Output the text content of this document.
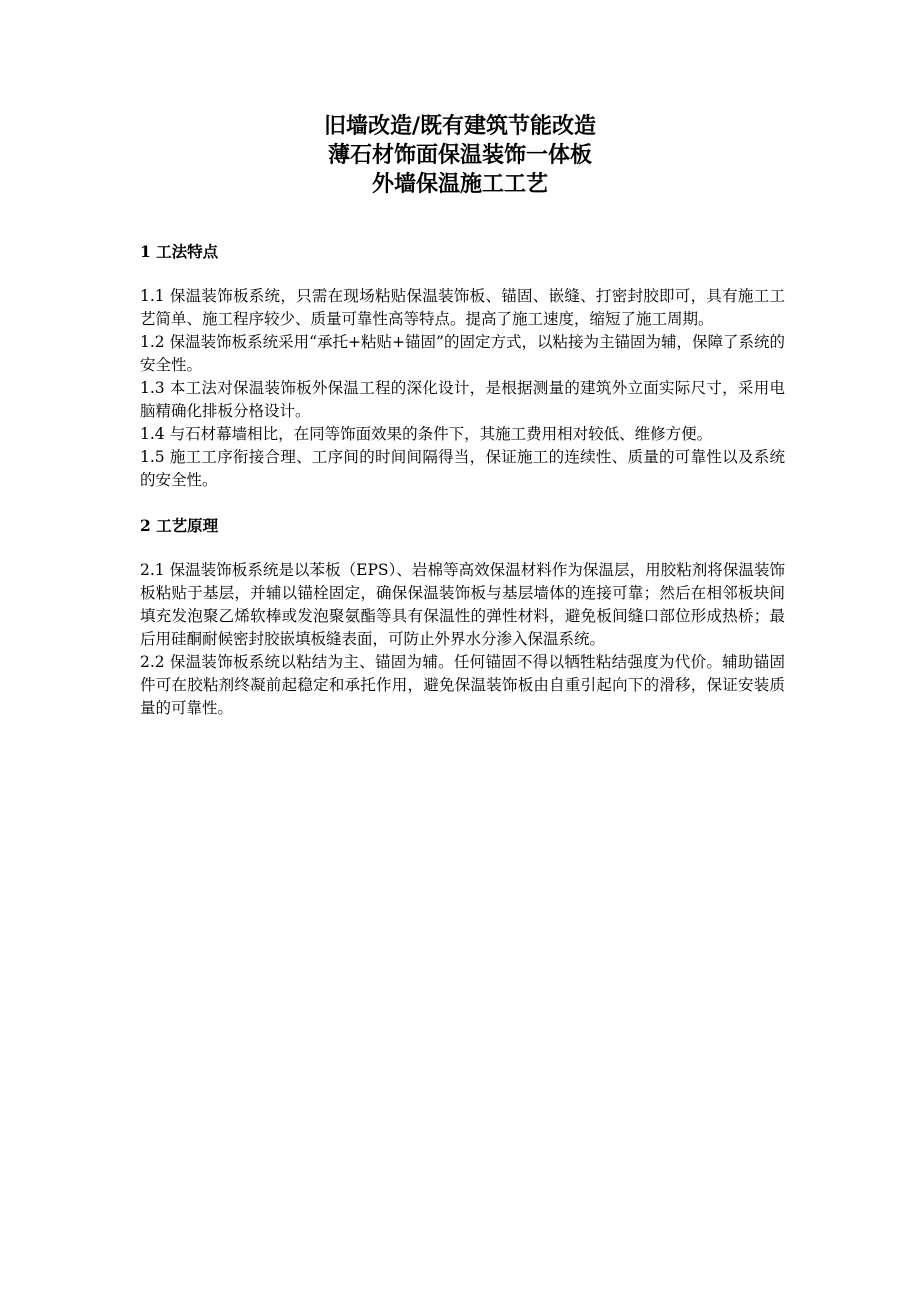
旧墙改造/既有建筑节能改造
薄石材饰面保温装饰一体板
外墙保温施工工艺
1 工法特点

1.1 保温装饰板系统，只需在现场粘贴保温装饰板、锚固、嵌缝、打密封胶即可，具有施工工艺简单、施工程序较少、质量可靠性高等特点。提高了施工速度，缩短了施工周期。

1.2 保温装饰板系统采用“承托+粘贴+锚固”的固定方式，以粘接为主锚固为辅，保障了系统的安全性。

1.3 本工法对保温装饰板外保温工程的深化设计，是根据测量的建筑外立面实际尺寸，采用电脑精确化排板分格设计。

1.4 与石材幕墙相比，在同等饰面效果的条件下，其施工费用相对较低、维修方便。

1.5 施工工序衔接合理、工序间的时间间隔得当，保证施工的连续性、质量的可靠性以及系统的安全性。

2 工艺原理

2.1 保温装饰板系统是以苯板（EPS）、岩棉等高效保温材料作为保温层，用胶粘剂将保温装饰板粘贴于基层，并辅以锚栓固定，确保保温装饰板与基层墙体的连接可靠；然后在相邻板块间填充发泡聚乙烯软棒或发泡聚氨酯等具有保温性的弹性材料，避免板间缝口部位形成热桥；最后用硅酮耐候密封胶嵌填板缝表面，可防止外界水分渗入保温系统。

2.2 保温装饰板系统以粘结为主、锚固为辅。任何锚固不得以牺牲粘结强度为代价。辅助锚固件可在胶粘剂终凝前起稳定和承托作用，避免保温装饰板由自重引起向下的滑移，保证安装质量的可靠性。
